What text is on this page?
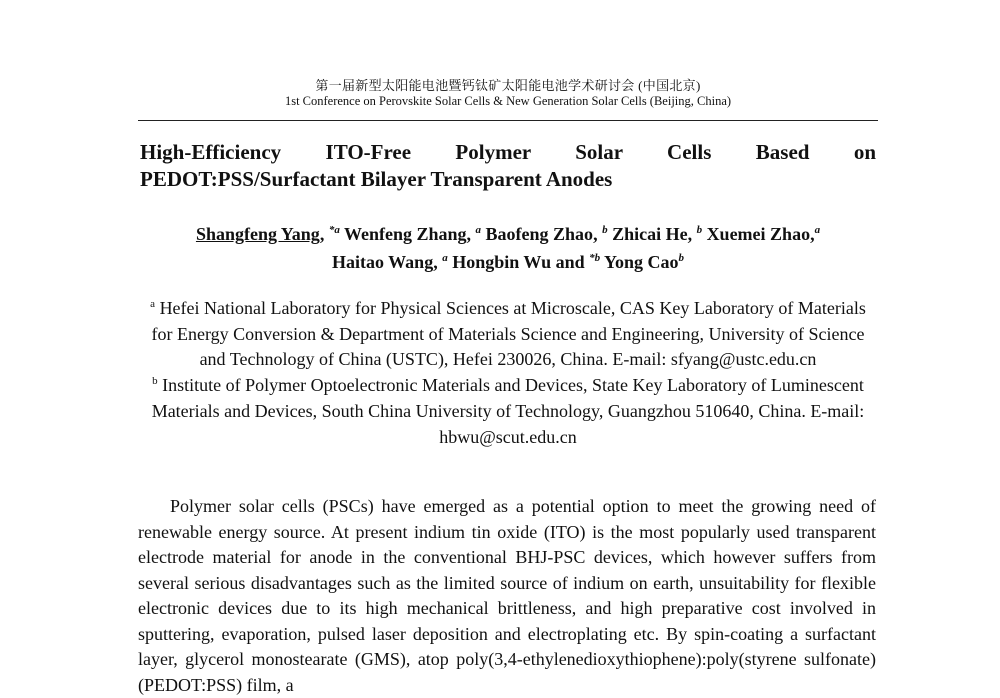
第一届新型太阳能电池暨钙钛矿太阳能电池学术研讨会 (中国北京)
1st Conference on Perovskite Solar Cells & New Generation Solar Cells (Beijing, China)
High-Efficiency ITO-Free Polymer Solar Cells Based on
PEDOT:PSS/Surfactant Bilayer Transparent Anodes
Shangfeng Yang, $^{*a}$ Wenfeng Zhang, $^a$ Baofeng Zhao, $^b$ Zhicai He, $^b$ Xuemei Zhao,$^a$
Haitao Wang, $^a$ Hongbin Wu and $^{*b}$ Yong Cao$^b$
$^a$ Hefei National Laboratory for Physical Sciences at Microscale, CAS Key Laboratory of Materials for Energy Conversion & Department of Materials Science and Engineering, University of Science and Technology of China (USTC), Hefei 230026, China. E-mail: sfyang@ustc.edu.cn
$^b$ Institute of Polymer Optoelectronic Materials and Devices, State Key Laboratory of Luminescent Materials and Devices, South China University of Technology, Guangzhou 510640, China. E-mail: hbwu@scut.edu.cn

Polymer solar cells (PSCs) have emerged as a potential option to meet the growing need of renewable energy source. At present indium tin oxide (ITO) is the most popularly used transparent electrode material for anode in the conventional BHJ-PSC devices, which however suffers from several serious disadvantages such as the limited source of indium on earth, unsuitability for flexible electronic devices due to its high mechanical brittleness, and high preparative cost involved in sputtering, evaporation, pulsed laser deposition and electroplating etc. By spin-coating a surfactant layer, glycerol monostearate (GMS), atop poly(3,4-ethylenedioxythiophene):poly(styrene sulfonate) (PEDOT:PSS) film, a
